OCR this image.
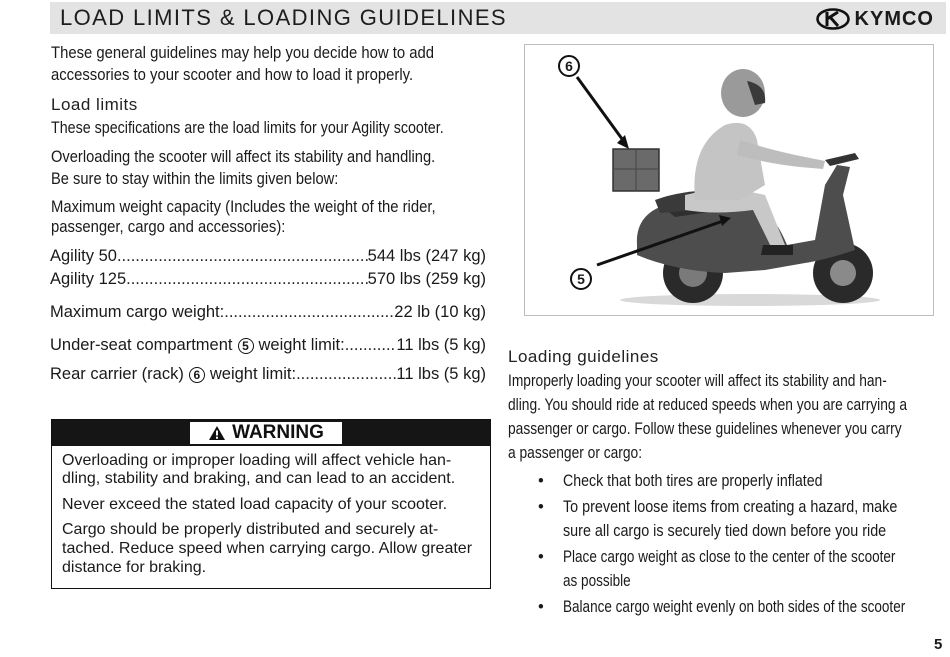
LOAD LIMITS & LOADING GUIDELINES	KYMCO
These general guidelines may help you decide how to add
accessories to your scooter and how to load it properly.
Load limits
These specifications are the load limits for your Agility scooter.
Overloading the scooter will affect its stability and handling.
Be sure to stay within the limits given below:
Maximum weight capacity (Includes the weight of the rider,
passenger, cargo and accessories):
Agility 50 .....	544 lbs (247 kg)
Agility 125 .....	570 lbs (259 kg)
Maximum cargo weight: .....	22 lb (10 kg)
Under-seat compartment 5 weight limit: .....	11 lbs (5 kg)
Rear carrier (rack) 6 weight limit: .....	11 lbs (5 kg)
WARNING
Overloading or improper loading will affect vehicle han-
dling, stability and braking, and can lead to an accident.
Never exceed the stated load capacity of your scooter.
Cargo should be properly distributed and securely at-
tached. Reduce speed when carrying cargo. Allow greater
distance for braking.
6
5
Loading guidelines
Improperly loading your scooter will affect its stability and han-
dling. You should ride at reduced speeds when you are carrying a
passenger or cargo. Follow these guidelines whenever you carry
a passenger or cargo:
• Check that both tires are properly inflated
• To prevent loose items from creating a hazard, make
sure all cargo is securely tied down before you ride
• Place cargo weight as close to the center of the scooter
as possible
• Balance cargo weight evenly on both sides of the scooter
5
